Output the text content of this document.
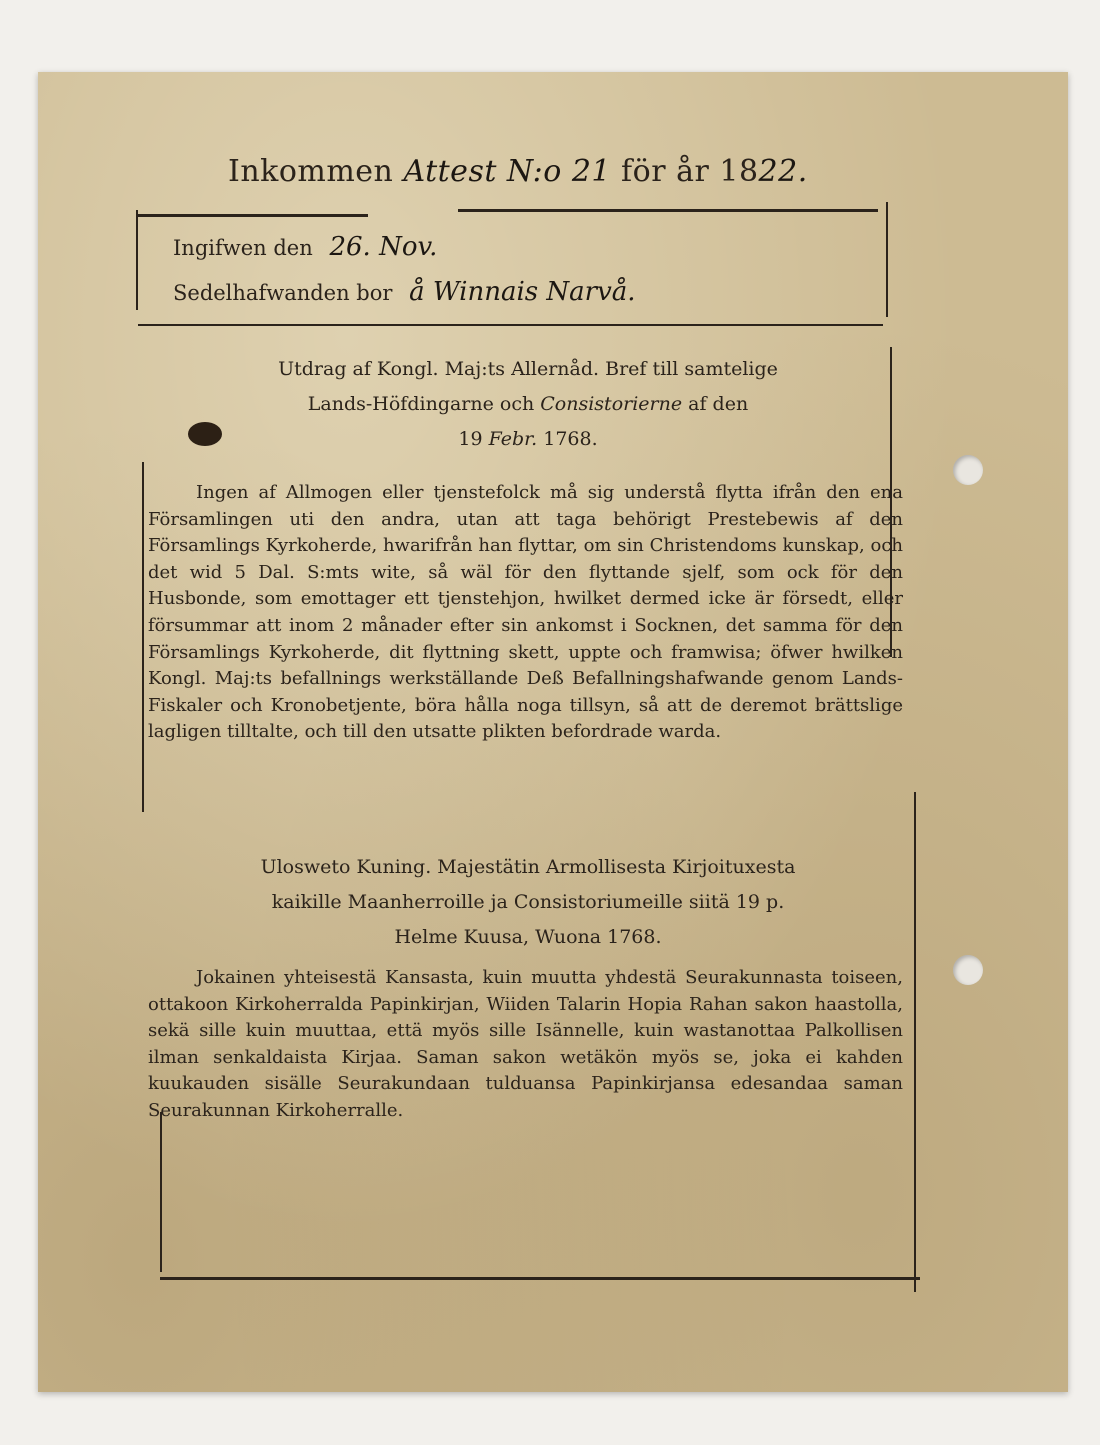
Inkommen Attest N:o 21 för år 1822.
Ingifwen den 26. Nov.
Sedelhafwanden bor å Winnais Narvå.
Utdrag af Kongl. Maj:ts Allernåd. Bref till samtelige
Lands-Höfdingarne och Consistorierne af den
19 Febr. 1768.

Ingen af Allmogen eller tjenstefolck må sig understå flytta ifrån den ena Församlingen uti den andra, utan att taga behörigt Prestebewis af den Församlings Kyrkoherde, hwarifrån han flyttar, om sin Christendoms kunskap, och det wid 5 Dal. S:mts wite, så wäl för den flyttande sjelf, som ock för den Husbonde, som emottager ett tjenstehjon, hwilket dermed icke är försedt, eller försummar att inom 2 månader efter sin ankomst i Socknen, det samma för den Församlings Kyrkoherde, dit flyttning skett, uppte och framwisa; öfwer hwilken Kongl. Maj:ts befallnings werkställande Deß Befallningshafwande genom Lands-Fiskaler och Kronobetjente, böra hålla noga tillsyn, så att de deremot brättslige lagligen tilltalte, och till den utsatte plikten befordrade warda.

Ulosweto Kuning. Majestätin Armollisesta Kirjoituxesta
kaikille Maanherroille ja Consistoriumeille siitä 19 p.
Helme Kuusa, Wuona 1768.

Jokainen yhteisestä Kansasta, kuin muutta yhdestä Seurakunnasta toiseen, ottakoon Kirkoherralda Papinkirjan, Wiiden Talarin Hopia Rahan sakon haastolla, sekä sille kuin muuttaa, että myös sille Isännelle, kuin wastanottaa Palkollisen ilman senkaldaista Kirjaa. Saman sakon wetäkön myös se, joka ei kahden kuukauden sisälle Seurakundaan tulduansa Papinkirjansa edesandaa saman Seurakunnan Kirkoherralle.
